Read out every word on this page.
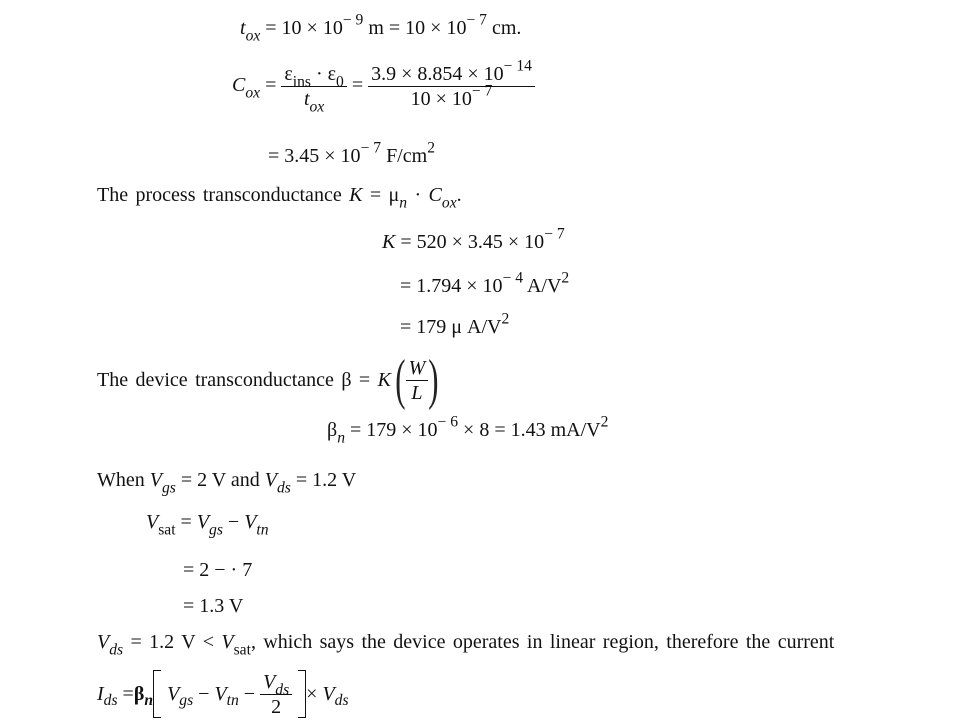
$t_{ox} = 10 \times 10^{- 9}$ $m = 10 \times 10^{- 7}$ cm.
$C_{ox} = \frac{\varepsilon_{ins} \cdot \varepsilon_0}{t_{ox}} = \frac{3.9 \times 8.854 \times 10^{- 14}}{10 \times 10^{- 7}}$
= $3.45 \times 10^{- 7}$ $F/cm^2$
The process transconductance $K = \mu_n \cdot C_{ox}$.
$K = 520 \times 3.45 \times 10^{- 7}$
= $1.794 \times 10^{- 4}$ $A/V^2$
= 179 μ $A/V^2$
The device transconductance $\beta = K( \frac{W}{L}$ )
$\beta_n = 179 \times 10^{- 6} \times 8 = 1.43$ $mA/V^2$
When $V_{gs} = 2$ V and $V_{ds} = 1.2$ V
$V_{sat} = V_{gs} - V_{tn}$
= 2 − · 7
= 1.3 V
$V_{ds} = 1.2$ $V < V_{sat}$, which says the device operates in linear region, therefore the current
$I_{ds} =\beta_n$ $V_{gs} - V_{tn} - \frac{V_{ds}}{2} \times V_{ds}$
